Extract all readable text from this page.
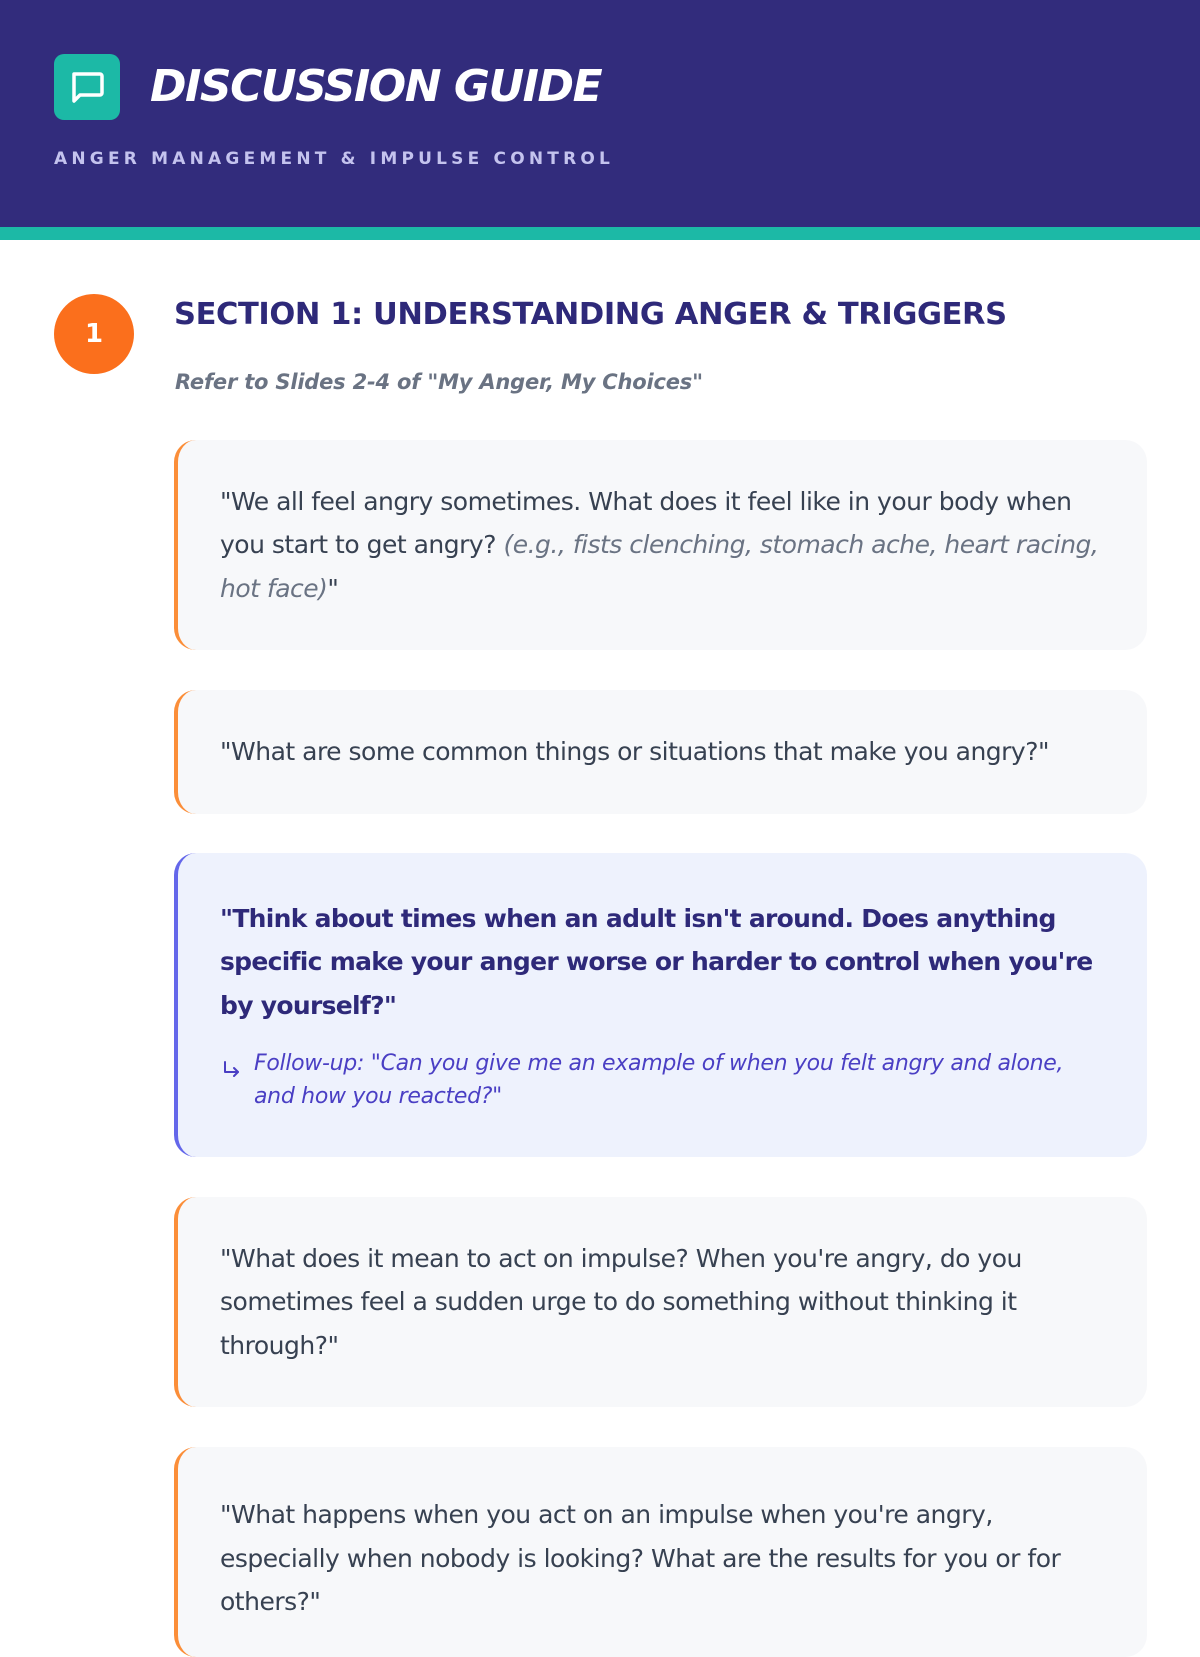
DISCUSSION GUIDE
ANGER MANAGEMENT & IMPULSE CONTROL
1
SECTION 1: UNDERSTANDING ANGER & TRIGGERS
Refer to Slides 2-4 of "My Anger, My Choices"
"We all feel angry sometimes. What does it feel like in your body when you start to get angry? (e.g., fists clenching, stomach ache, heart racing, hot face)"
"What are some common things or situations that make you angry?"
"Think about times when an adult isn't around. Does anything specific make your anger worse or harder to control when you're by yourself?"
Follow-up: "Can you give me an example of when you felt angry and alone, and how you reacted?"
"What does it mean to act on impulse? When you're angry, do you sometimes feel a sudden urge to do something without thinking it through?"
"What happens when you act on an impulse when you're angry, especially when nobody is looking? What are the results for you or for others?"
